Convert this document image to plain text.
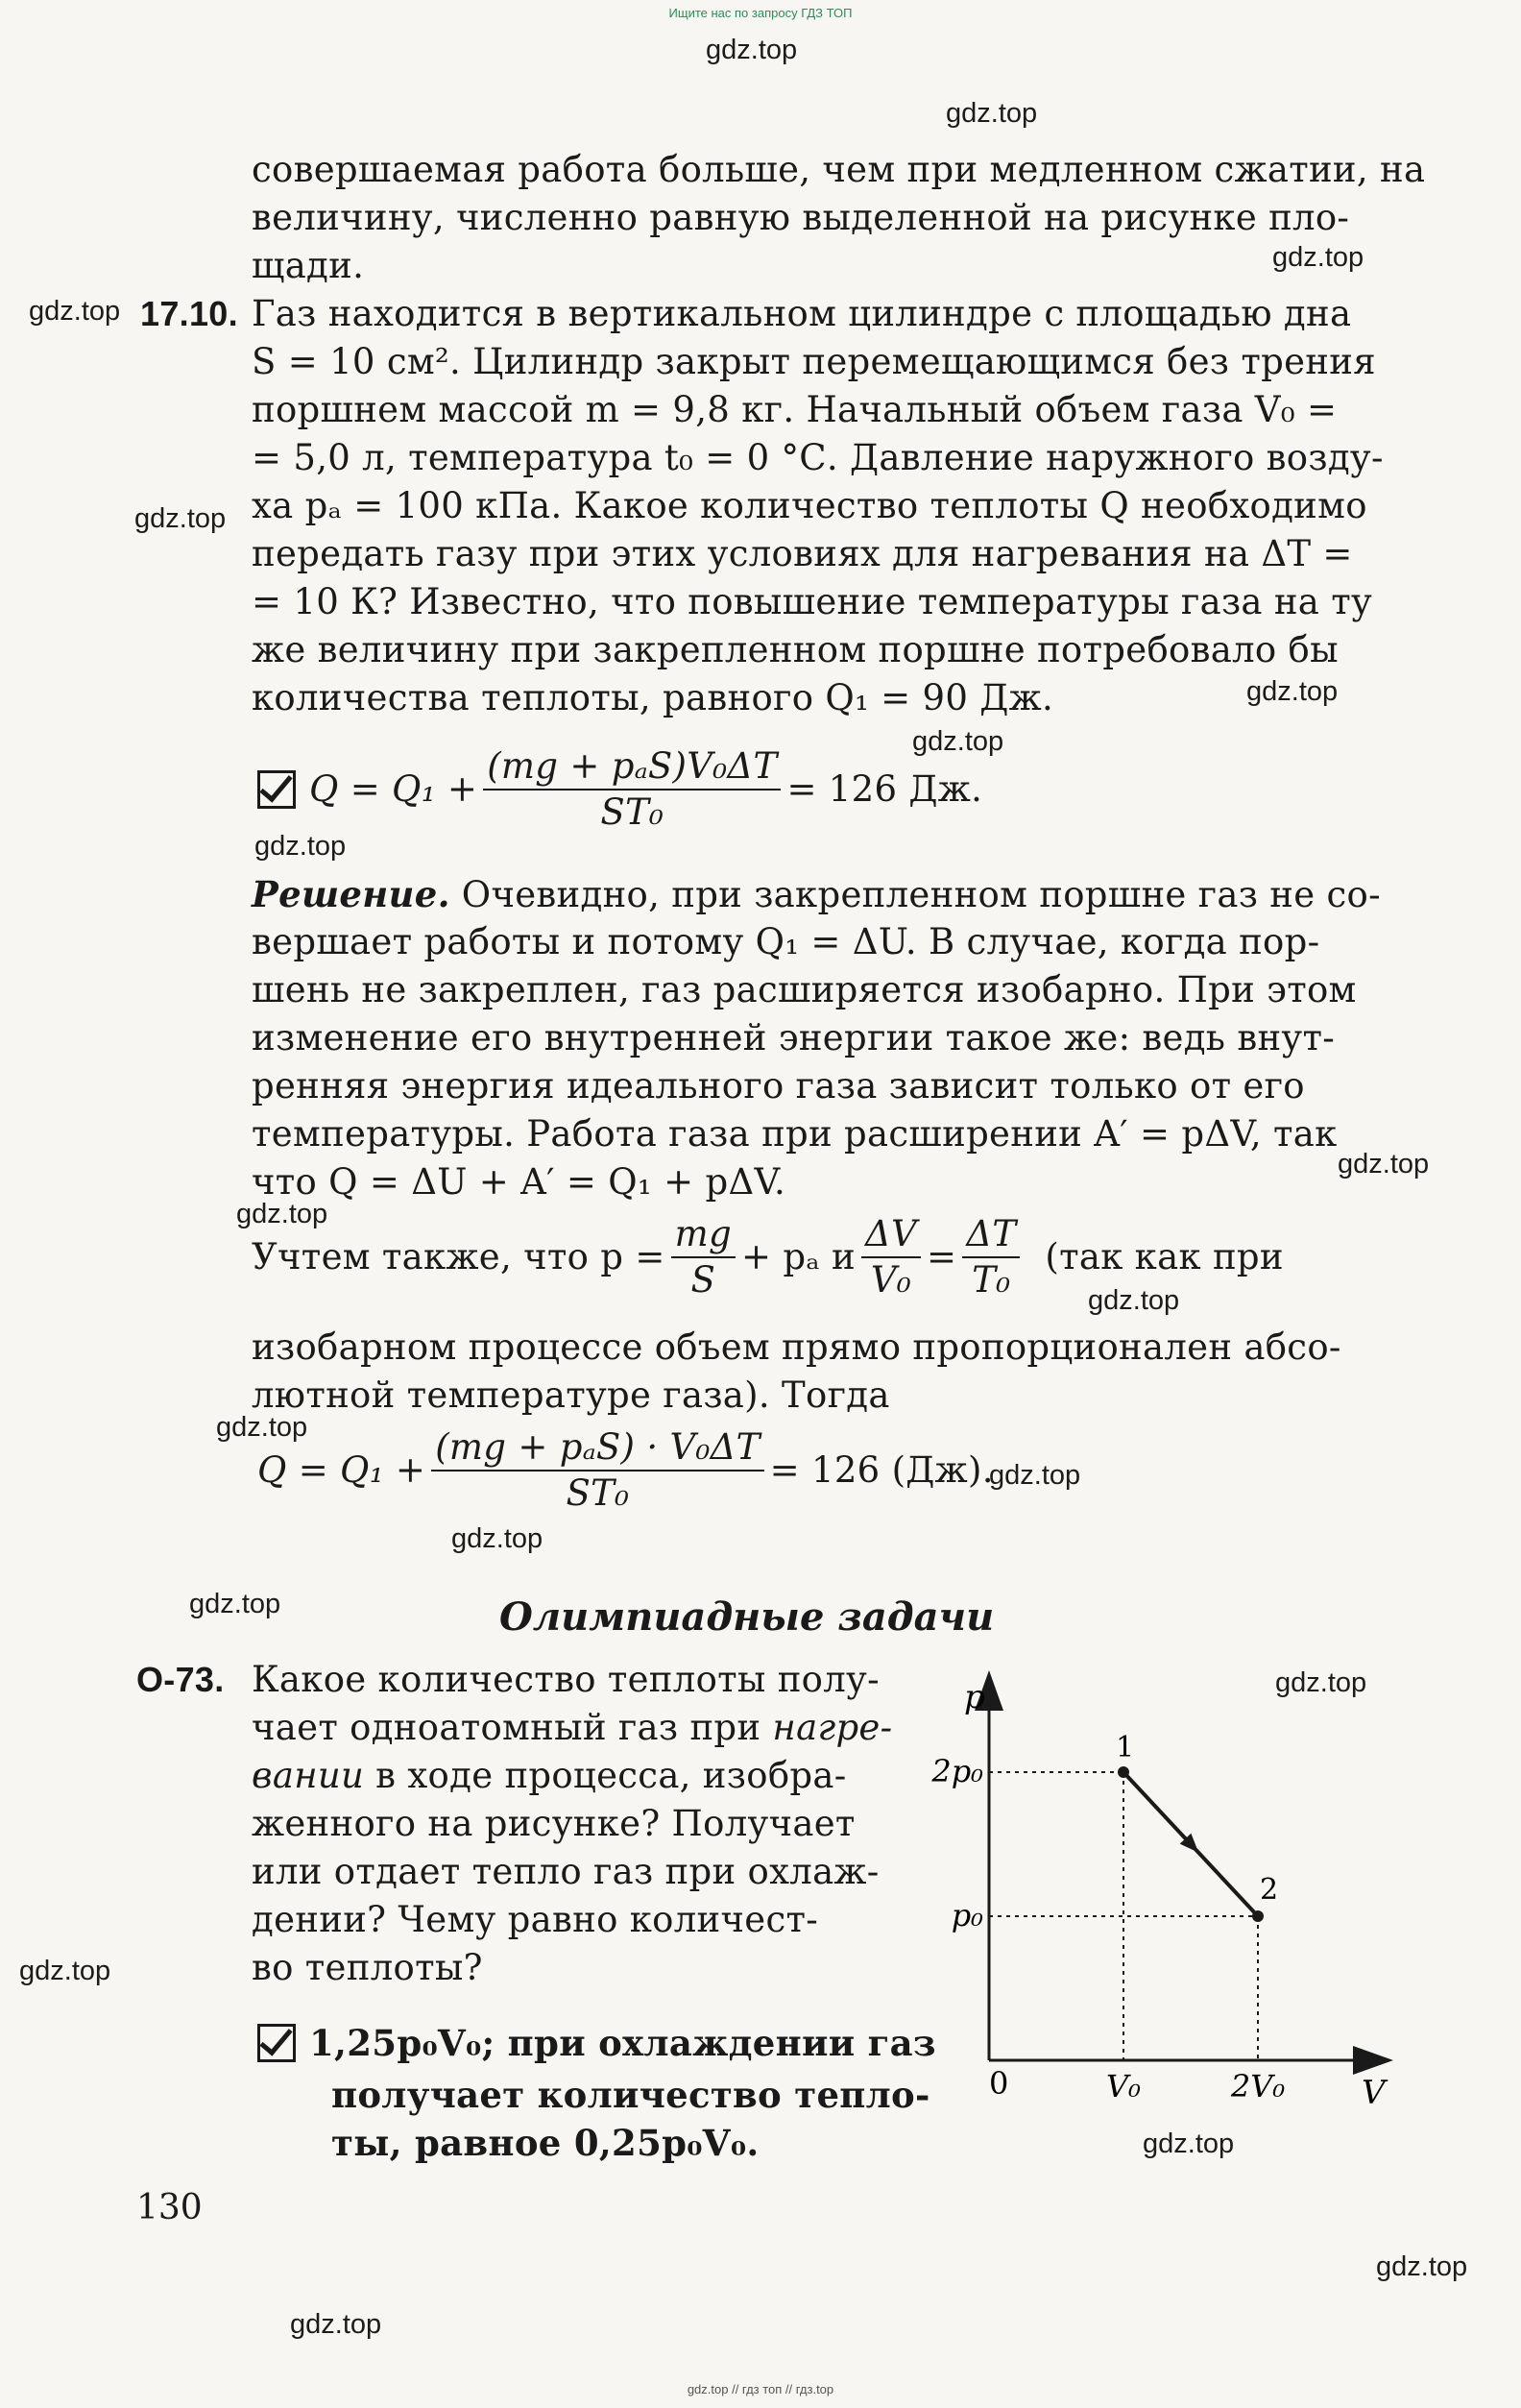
Ищите нас по запросу ГДЗ ТОП
gdz.top // гдз топ // гдз.top
gdz.top
gdz.top
gdz.top
gdz.top
gdz.top
gdz.top
gdz.top
gdz.top
gdz.top
gdz.top
gdz.top
gdz.top
gdz.top
gdz.top
gdz.top
gdz.top
gdz.top
gdz.top
gdz.top
gdz.top
совершаемая работа больше, чем при медленном сжатии, на
величину, численно равную выделенной на рисунке пло-
щади.
17.10. Газ находится в вертикальном цилиндре с площадью дна
S = 10 см². Цилиндр закрыт перемещающимся без трения
поршнем массой m = 9,8 кг. Начальный объем газа V₀ =
= 5,0 л, температура t₀ = 0 °С. Давление наружного возду-
ха pₐ = 100 кПа. Какое количество теплоты Q необходимо
передать газу при этих условиях для нагревания на ΔT =
= 10 К? Известно, что повышение температуры газа на ту
же величину при закрепленном поршне потребовало бы
количества теплоты, равного Q₁ = 90 Дж.
$Q = Q_1 + \frac{\text{(mg + pₐS)V₀ΔT}}{\text{ST₀}} = 126$ Дж.
Решение. Очевидно, при закрепленном поршне газ не со-
вершает работы и потому Q₁ = ΔU. В случае, когда пор-
шень не закреплен, газ расширяется изобарно. При этом
изменение его внутренней энергии такое же: ведь внут-
ренняя энергия идеального газа зависит только от его
температуры. Работа газа при расширении A′ = pΔV, так
что Q = ΔU + A′ = Q₁ + pΔV.
Учтем также, что $p = \frac{mg}{S} + p_a$ и $\frac{\Delta V}{\text{V₀}} = \frac{\Delta T}{\text{T₀}} (так$ как при
изобарном процессе объем прямо пропорционален абсо-
лютной температуре газа). Тогда
$Q = Q_1 + \frac{\text{(mg + pₐS) · V₀ΔT}}{\text{ST₀}} = 126$ (Дж).
Олимпиадные задачи
О-73. Какое количество теплоты полу-
чает одноатомный газ при нагре-
вании в ходе процесса, изобра-
женного на рисунке? Получает
или отдает тепло газ при охлаж-
дении? Чему равно количест-
во теплоты?
1,25p₀V₀; при охлаждении газ
получает количество тепло-
ты, равное 0,25p₀V₀.
p
V
0
2p₀
p₀
V₀	2V₀
1
2
130
